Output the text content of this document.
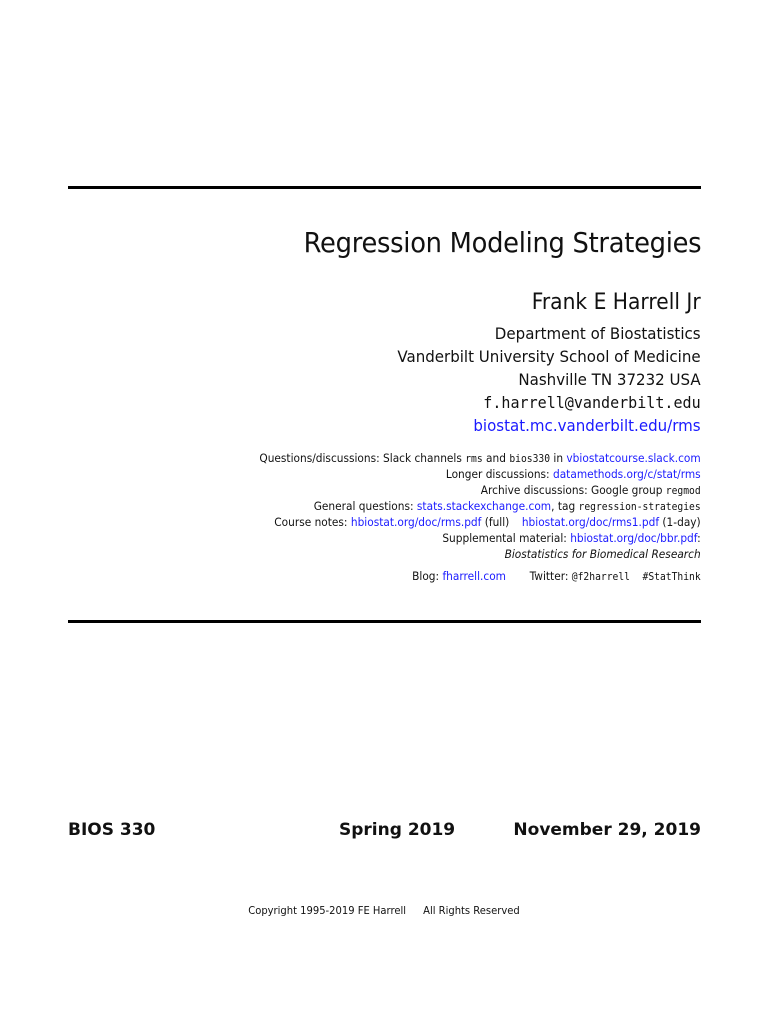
Regression Modeling Strategies
Frank E Harrell Jr
Department of Biostatistics
Vanderbilt University School of Medicine
Nashville TN 37232 USA
f.harrell@vanderbilt.edu
biostat.mc.vanderbilt.edu/rms
Questions/discussions: Slack channels rms and bios330 in vbiostatcourse.slack.com
Longer discussions: datamethods.org/c/stat/rms
Archive discussions: Google group regmod
General questions: stats.stackexchange.com, tag regression-strategies
Course notes: hbiostat.org/doc/rms.pdf (full) hbiostat.org/doc/rms1.pdf (1-day)
Supplemental material: hbiostat.org/doc/bbr.pdf:
Biostatistics for Biomedical Research
Blog: fharrell.com Twitter: @f2harrell #StatThink
BIOS 330	Spring 2019	November 29, 2019
Copyright 1995-2019 FE Harrell All Rights Reserved
